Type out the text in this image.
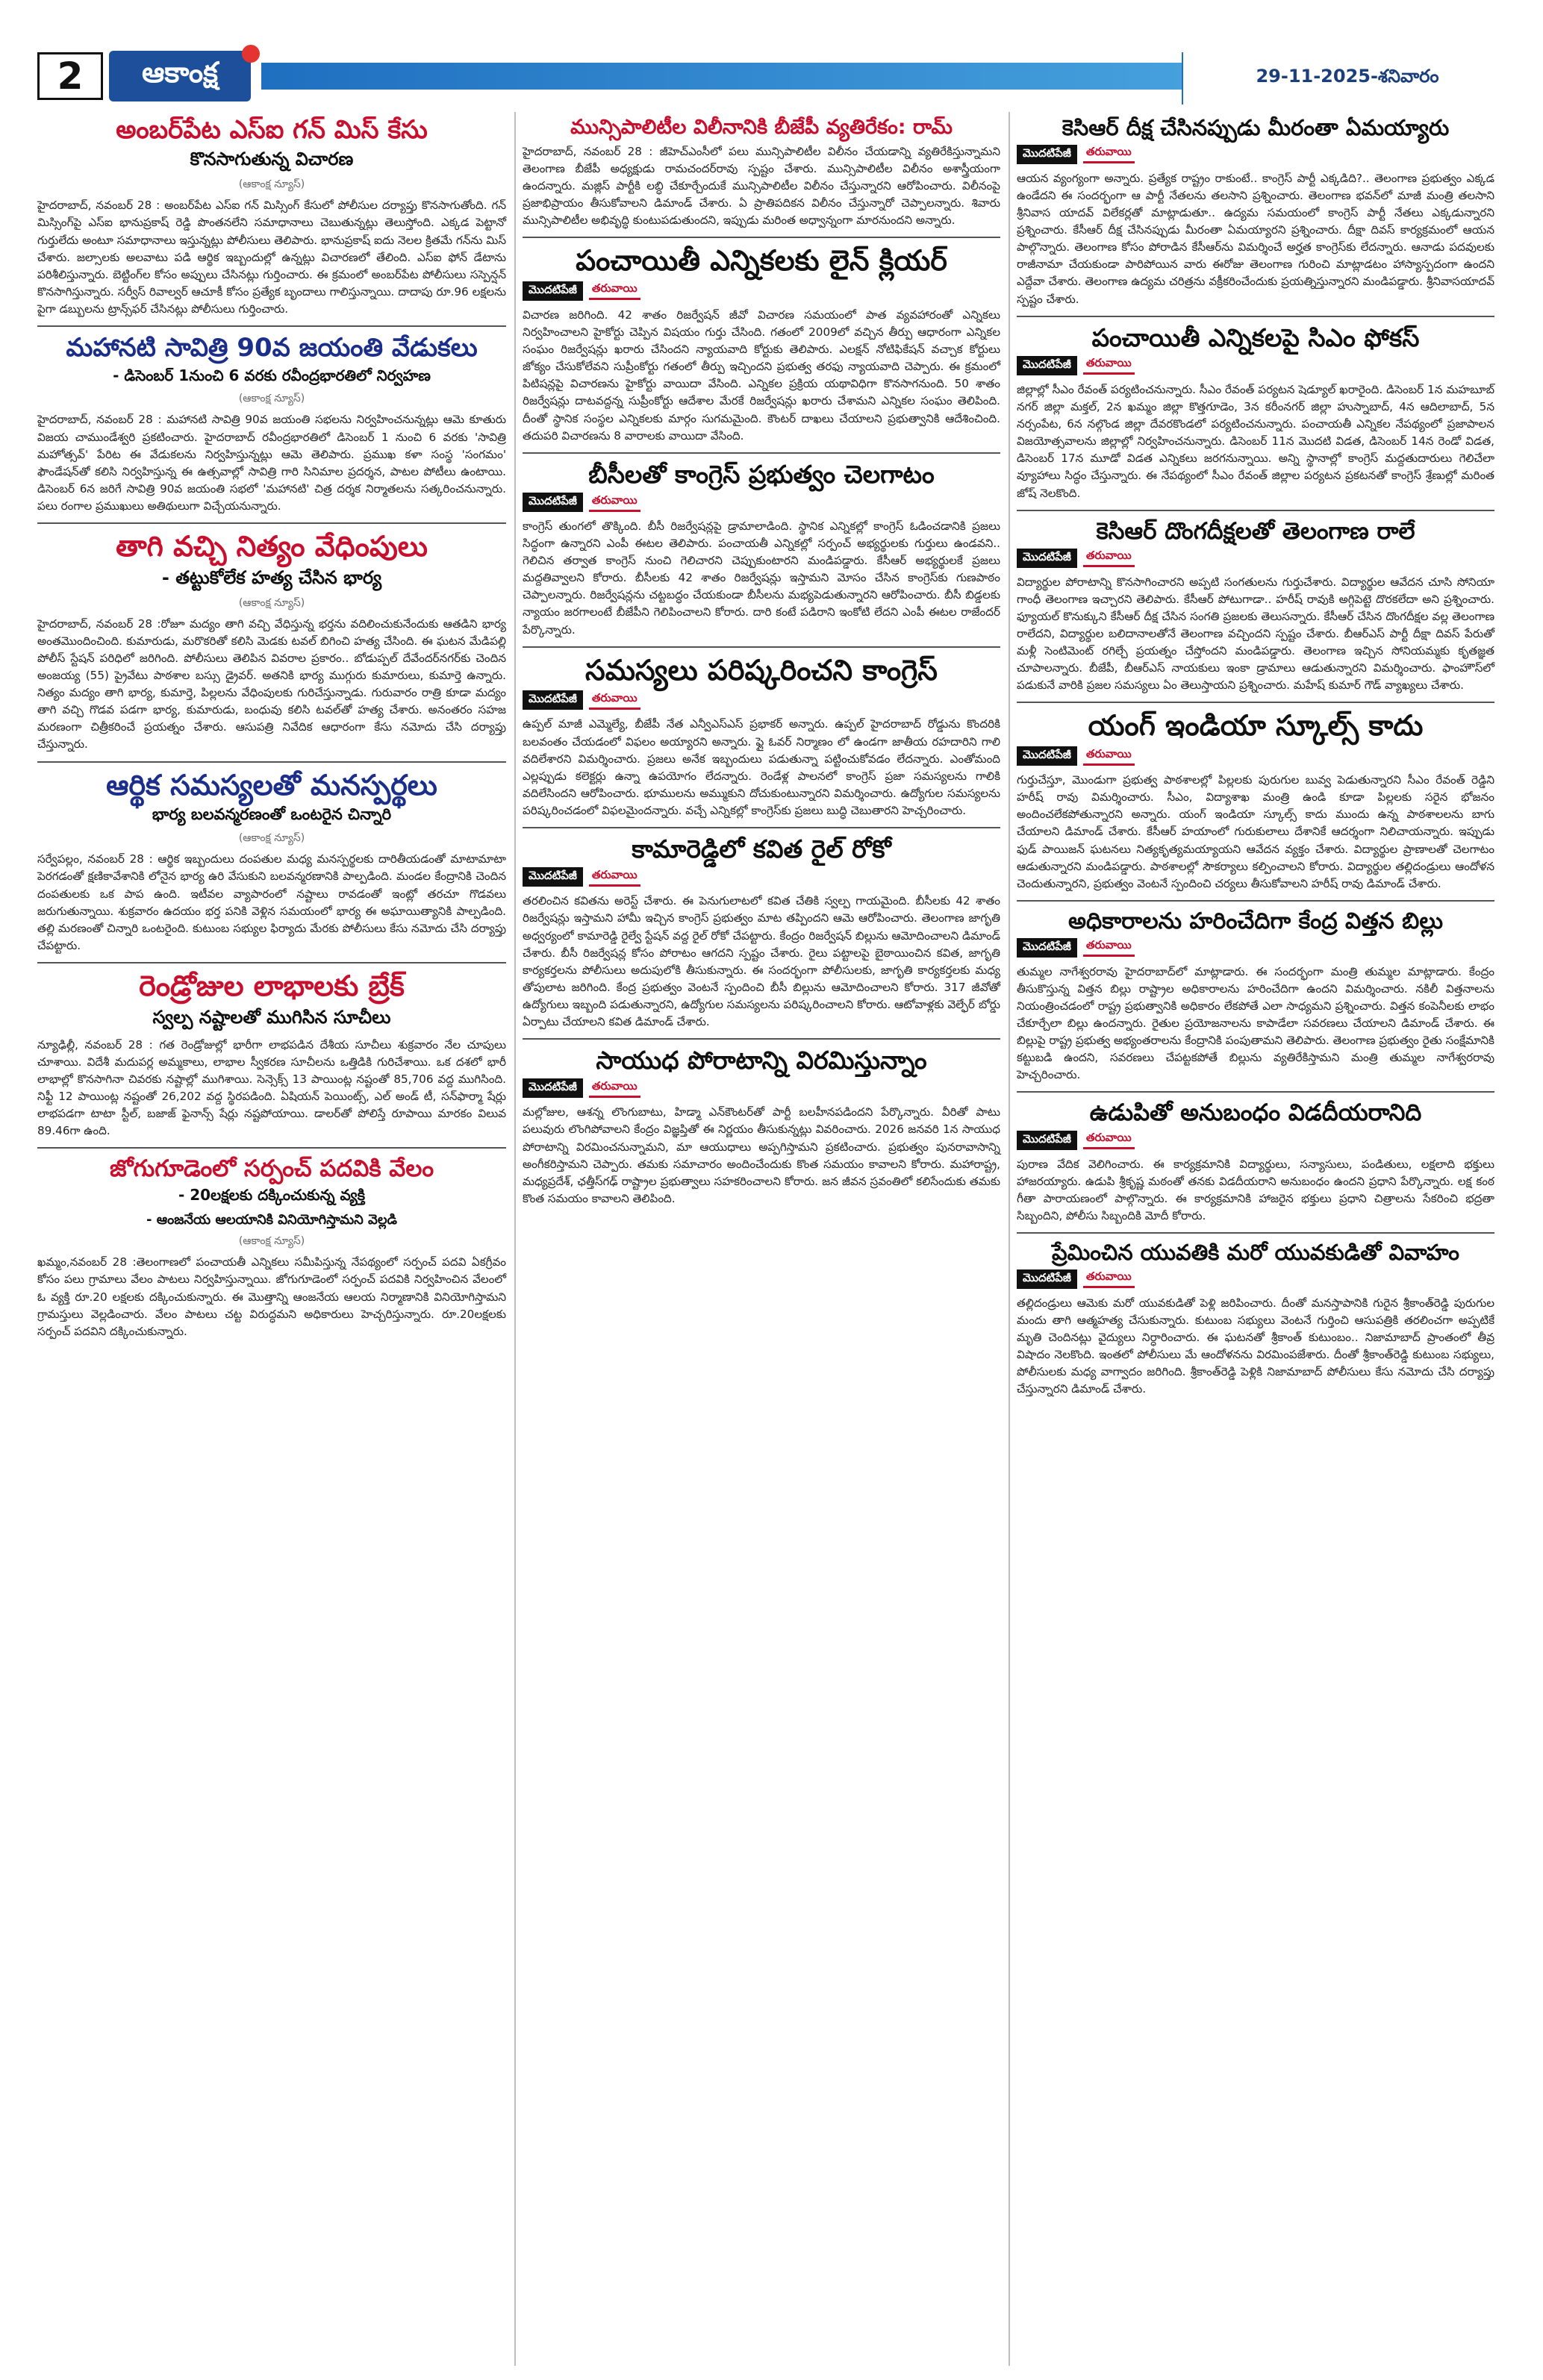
2	ఆకాంక్ష	29-11-2025-శనివారం
అంబర్‌పేట ఎస్ఐ గన్ మిస్ కేసు
కొనసాగుతున్న విచారణ
(ఆకాంక్ష న్యూస్)
హైదరాబాద్, నవంబర్ 28 : అంబర్‌పేట ఎస్ఐ గన్ మిస్సింగ్ కేసులో పోలీసుల దర్యాప్తు కొనసాగుతోంది. గన్ మిస్సింగ్‌పై ఎస్ఐ భానుప్రకాష్ రెడ్డి పొంతనలేని సమాధానాలు చెబుతున్నట్లు తెలుస్తోంది. ఎక్కడ పెట్టానో గుర్తులేదు అంటూ సమాధానాలు ఇస్తున్నట్లు పోలీసులు తెలిపారు. భానుప్రకాష్ ఐదు నెలల క్రితమే గన్‌ను మిస్ చేశారు. జల్సాలకు అలవాటు పడి ఆర్థిక ఇబ్బందుల్లో ఉన్నట్లు విచారణలో తేలింది. ఎస్ఐ ఫోన్ డేటాను పరిశీలిస్తున్నారు. బెట్టింగ్‌ల కోసం అప్పులు చేసినట్లు గుర్తించారు. ఈ క్రమంలో అంబర్‌పేట పోలీసులు సస్పెన్షన్ కొనసాగిస్తున్నారు. సర్వీస్ రివాల్వర్ ఆచూకీ కోసం ప్రత్యేక బృందాలు గాలిస్తున్నాయి. దాదాపు రూ.96 లక్షలను పైగా డబ్బులను ట్రాన్స్‌ఫర్ చేసినట్లు పోలీసులు గుర్తించారు.
మహానటి సావిత్రి 90వ జయంతి వేడుకలు
- డిసెంబర్ 1నుంచి 6 వరకు రవీంద్రభారతిలో నిర్వహణ
(ఆకాంక్ష న్యూస్)
హైదరాబాద్, నవంబర్ 28 : మహానటి సావిత్రి 90వ జయంతి సభలను నిర్వహించనున్నట్లు ఆమె కూతురు విజయ చాముండేశ్వరి ప్రకటించారు. హైదరాబాద్ రవీంద్రభారతిలో డిసెంబర్ 1 నుంచి 6 వరకు 'సావిత్రి మహోత్సవ్' పేరిట ఈ వేడుకలను నిర్వహిస్తున్నట్లు ఆమె తెలిపారు. ప్రముఖ కళా సంస్థ 'సంగమం' ఫౌండేషన్‌తో కలిసి నిర్వహిస్తున్న ఈ ఉత్సవాల్లో సావిత్రి గారి సినిమాల ప్రదర్శన, పాటల పోటీలు ఉంటాయి. డిసెంబర్ 6న జరిగే సావిత్రి 90వ జయంతి సభలో 'మహానటి' చిత్ర దర్శక నిర్మాతలను సత్కరించనున్నారు. పలు రంగాల ప్రముఖులు అతిథులుగా విచ్చేయనున్నారు.
తాగి వచ్చి నిత్యం వేధింపులు
- తట్టుకోలేక హత్య చేసిన భార్య
(ఆకాంక్ష న్యూస్)
హైదరాబాద్, నవంబర్ 28 :రోజూ మద్యం తాగి వచ్చి వేధిస్తున్న భర్తను వదిలించుకునేందుకు ఆతడిని భార్య అంతమొందించింది. కుమారుడు, మరొకరితో కలిసి మెడకు టవల్ బిగించి హత్య చేసింది. ఈ ఘటన మేడిపల్లి పోలీస్ స్టేషన్ పరిధిలో జరిగింది. పోలీసులు తెలిపిన వివరాల ప్రకారం.. బోడుప్పల్ దేవేందర్‌నగర్‌కు చెందిన అంజయ్య (55) ప్రైవేటు పాఠశాల బస్సు డ్రైవర్. అతనికి భార్య ముగ్గురు కుమారులు, కుమార్తె ఉన్నారు. నిత్యం మద్యం తాగి భార్య, కుమార్తె, పిల్లలను వేధింపులకు గురిచేస్తున్నాడు. గురువారం రాత్రి కూడా మద్యం తాగి వచ్చి గొడవ పడగా భార్య, కుమారుడు, బంధువు కలిసి టవల్‌తో హత్య చేశారు. అనంతరం సహజ మరణంగా చిత్రీకరించే ప్రయత్నం చేశారు. ఆసుపత్రి నివేదిక ఆధారంగా కేసు నమోదు చేసి దర్యాప్తు చేస్తున్నారు.
ఆర్థిక సమస్యలతో మనస్పర్థలు
భార్య బలవన్మరణంతో ఒంటరైన చిన్నారి
(ఆకాంక్ష న్యూస్)
సర్వేపల్లం, నవంబర్ 28 : ఆర్థిక ఇబ్బందులు దంపతుల మధ్య మనస్పర్థలకు దారితీయడంతో మాటామాటా పెరగడంతో క్షణికావేశానికి లోనైన భార్య ఉరి వేసుకుని బలవన్మరణానికి పాల్పడింది. మండల కేంద్రానికి చెందిన దంపతులకు ఒక పాప ఉంది. ఇటీవల వ్యాపారంలో నష్టాలు రావడంతో ఇంట్లో తరచూ గొడవలు జరుగుతున్నాయి. శుక్రవారం ఉదయం భర్త పనికి వెళ్లిన సమయంలో భార్య ఈ అఘాయిత్యానికి పాల్పడింది. తల్లి మరణంతో చిన్నారి ఒంటరైంది. కుటుంబ సభ్యుల ఫిర్యాదు మేరకు పోలీసులు కేసు నమోదు చేసి దర్యాప్తు చేపట్టారు.
రెండ్రోజుల లాభాలకు బ్రేక్
స్వల్ప నష్టాలతో ముగిసిన సూచీలు
న్యూఢిల్లీ, నవంబర్ 28 : గత రెండ్రోజుల్లో భారీగా లాభపడిన దేశీయ సూచీలు శుక్రవారం నేల చూపులు చూశాయి. విదేశీ మదుపర్ల అమ్మకాలు, లాభాల స్వీకరణ సూచీలను ఒత్తిడికి గురిచేశాయి. ఒక దశలో భారీ లాభాల్లో కొనసాగినా చివరకు నష్టాల్లో ముగిశాయి. సెన్సెక్స్ 13 పాయింట్ల నష్టంతో 85,706 వద్ద ముగిసింది. నిఫ్టీ 12 పాయింట్ల నష్టంతో 26,202 వద్ద స్థిరపడింది. ఏషియన్ పెయింట్స్, ఎల్ అండ్ టీ, సన్‌ఫార్మా షేర్లు లాభపడగా టాటా స్టీల్, బజాజ్ ఫైనాన్స్ షేర్లు నష్టపోయాయి. డాలర్‌తో పోలిస్తే రూపాయి మారకం విలువ 89.46గా ఉంది.
జోగుగూడెంలో సర్పంచ్ పదవికి వేలం
- 20లక్షలకు దక్కించుకున్న వ్యక్తి
- ఆంజనేయ ఆలయానికి వినియోగిస్తామని వెల్లడి
(ఆకాంక్ష న్యూస్)
ఖమ్మం,నవంబర్ 28 :తెలంగాణలో పంచాయతీ ఎన్నికలు సమీపిస్తున్న నేపథ్యంలో సర్పంచ్ పదవి ఏకగ్రీవం కోసం పలు గ్రామాలు వేలం పాటలు నిర్వహిస్తున్నాయి. జోగుగూడెంలో సర్పంచ్ పదవికి నిర్వహించిన వేలంలో ఓ వ్యక్తి రూ.20 లక్షలకు దక్కించుకున్నారు. ఈ మొత్తాన్ని ఆంజనేయ ఆలయ నిర్మాణానికి వినియోగిస్తామని గ్రామస్తులు వెల్లడించారు. వేలం పాటలు చట్ట విరుద్ధమని అధికారులు హెచ్చరిస్తున్నారు. రూ.20లక్షలకు సర్పంచ్ పదవిని దక్కించుకున్నారు.
మున్సిపాలిటీల విలీనానికి బీజేపీ వ్యతిరేకం: రామ్
హైదరాబాద్, నవంబర్ 28 : జీహెచ్ఎంసీలో పలు మున్సిపాలిటీల విలీనం చేయడాన్ని వ్యతిరేకిస్తున్నామని తెలంగాణ బీజేపీ అధ్యక్షుడు రామచందర్‌రావు స్పష్టం చేశారు. మున్సిపాలిటీల విలీనం అశాస్త్రీయంగా ఉందన్నారు. మజ్లిస్ పార్టీకి లబ్ధి చేకూర్చేందుకే మున్సిపాలిటీల విలీనం చేస్తున్నారని ఆరోపించారు. విలీనంపై ప్రజాభిప్రాయం తీసుకోవాలని డిమాండ్ చేశారు. ఏ ప్రాతిపదికన విలీనం చేస్తున్నారో చెప్పాలన్నారు. శివారు మున్సిపాలిటీల అభివృద్ధి కుంటుపడుతుందని, ఇప్పుడు మరింత అధ్వాన్నంగా మారనుందని అన్నారు.
పంచాయితీ ఎన్నికలకు లైన్ క్లియర్
మొదటిపేజీ	తరువాయి
విచారణ జరిగింది. 42 శాతం రిజర్వేషన్ జీవో విచారణ సమయంలో పాత వ్యవహారంతో ఎన్నికలు నిర్వహించాలని హైకోర్టు చెప్పిన విషయం గుర్తు చేసింది. గతంలో 2009లో వచ్చిన తీర్పు ఆధారంగా ఎన్నికల సంఘం రిజర్వేషన్లు ఖరారు చేసిందని న్యాయవాది కోర్టుకు తెలిపారు. ఎలక్షన్ నోటిఫికేషన్ వచ్చాక కోర్టులు జోక్యం చేసుకోలేవని సుప్రీంకోర్టు గతంలో తీర్పు ఇచ్చిందని ప్రభుత్వ తరఫు న్యాయవాది చెప్పారు. ఈ క్రమంలో పిటిషన్లపై విచారణను హైకోర్టు వాయిదా వేసింది. ఎన్నికల ప్రక్రియ యథావిధిగా కొనసాగనుంది. 50 శాతం రిజర్వేషన్లు దాటవద్దన్న సుప్రీంకోర్టు ఆదేశాల మేరకే రిజర్వేషన్లు ఖరారు చేశామని ఎన్నికల సంఘం తెలిపింది. దీంతో స్థానిక సంస్థల ఎన్నికలకు మార్గం సుగమమైంది. కౌంటర్ దాఖలు చేయాలని ప్రభుత్వానికి ఆదేశించింది. తదుపరి విచారణను 8 వారాలకు వాయిదా వేసింది.
బీసీలతో కాంగ్రెస్ ప్రభుత్వం చెలగాటం
మొదటిపేజీ	తరువాయి
కాంగ్రెస్ తుంగలో తొక్కింది. బీసీ రిజర్వేషన్లపై డ్రామాలాడింది. స్థానిక ఎన్నికల్లో కాంగ్రెస్ ఓడించడానికి ప్రజలు సిద్ధంగా ఉన్నారని ఎంపీ ఈటల తెలిపారు. పంచాయతీ ఎన్నికల్లో సర్పంచ్ అభ్యర్థులకు గుర్తులు ఉండవని.. గెలిచిన తర్వాత కాంగ్రెస్ నుంచి గెలిచారని చెప్పుకుంటారని మండిపడ్డారు. కేసీఆర్ అభ్యర్థులకే ప్రజలు మద్దతివ్వాలని కోరారు. బీసీలకు 42 శాతం రిజర్వేషన్లు ఇస్తామని మోసం చేసిన కాంగ్రెస్‌కు గుణపాఠం చెప్పాలన్నారు. రిజర్వేషన్లను చట్టబద్ధం చేయకుండా బీసీలను మభ్యపెడుతున్నారని ఆరోపించారు. బీసీ బిడ్డలకు న్యాయం జరగాలంటే బీజేపీని గెలిపించాలని కోరారు. దారి కంటే పడిరాని ఇంకోటి లేదని ఎంపీ ఈటల రాజేందర్ పేర్కొన్నారు.
సమస్యలు పరిష్కరించని కాంగ్రెస్
మొదటిపేజీ	తరువాయి
ఉప్పల్ మాజీ ఎమ్మెల్యే, బీజేపీ నేత ఎన్వీఎస్ఎస్ ప్రభాకర్ అన్నారు. ఉప్పల్ హైదరాబాద్ రోడ్డును కొందరికి బలవంతం చేయడంలో విఫలం అయ్యారని అన్నారు. ఫ్లై ఓవర్ నిర్మాణం లో ఉండగా జాతీయ రహదారిని గాలి వదిలేశారని విమర్శించారు. ప్రజలు అనేక ఇబ్బందులు పడుతున్నా పట్టించుకోవడం లేదన్నారు. ఎంతోమంది ఎల్లప్పుడు కలెక్టర్లు ఉన్నా ఉపయోగం లేదన్నారు. రెండేళ్ల పాలనలో కాంగ్రెస్ ప్రజా సమస్యలను గాలికి వదిలేసిందని ఆరోపించారు. భూములను అమ్ముకుని దోచుకుంటున్నారని విమర్శించారు. ఉద్యోగుల సమస్యలను పరిష్కరించడంలో విఫలమైందన్నారు. వచ్చే ఎన్నికల్లో కాంగ్రెస్‌కు ప్రజలు బుద్ధి చెబుతారని హెచ్చరించారు.
కామారెడ్డిలో కవిత రైల్ రోకో
మొదటిపేజీ	తరువాయి
తరలించిన కవితను అరెస్ట్ చేశారు. ఈ పెనుగులాటలో కవిత చేతికి స్వల్ప గాయమైంది. బీసీలకు 42 శాతం రిజర్వేషన్లు ఇస్తామని హామీ ఇచ్చిన కాంగ్రెస్ ప్రభుత్వం మాట తప్పిందని ఆమె ఆరోపించారు. తెలంగాణ జాగృతి అధ్వర్యంలో కామారెడ్డి రైల్వే స్టేషన్ వద్ద రైల్ రోకో చేపట్టారు. కేంద్రం రిజర్వేషన్ బిల్లును ఆమోదించాలని డిమాండ్ చేశారు. బీసీ రిజర్వేషన్ల కోసం పోరాటం ఆగదని స్పష్టం చేశారు. రైలు పట్టాలపై బైఠాయించిన కవిత, జాగృతి కార్యకర్తలను పోలీసులు అదుపులోకి తీసుకున్నారు. ఈ సందర్భంగా పోలీసులకు, జాగృతి కార్యకర్తలకు మధ్య తోపులాట జరిగింది. కేంద్ర ప్రభుత్వం వెంటనే స్పందించి బీసీ బిల్లును ఆమోదించాలని కోరారు. 317 జీవోతో ఉద్యోగులు ఇబ్బంది పడుతున్నారని, ఉద్యోగుల సమస్యలను పరిష్కరించాలని కోరారు. ఆటోవాళ్లకు వెల్ఫేర్ బోర్డు ఏర్పాటు చేయాలని కవిత డిమాండ్ చేశారు.
సాయుధ పోరాటాన్ని విరమిస్తున్నాం
మొదటిపేజీ	తరువాయి
మల్లోజుల, ఆశన్న లొంగుబాటు, హిడ్మా ఎన్‌కౌంటర్‌తో పార్టీ బలహీనపడిందని పేర్కొన్నారు. వీరితో పాటు పలువురు లొంగిపోవాలని కేంద్రం విజ్ఞప్తితో ఈ నిర్ణయం తీసుకున్నట్లు వివరించారు. 2026 జనవరి 1న సాయుధ పోరాటాన్ని విరమించనున్నామని, మా ఆయుధాలు అప్పగిస్తామని ప్రకటించారు. ప్రభుత్వం పునరావాసాన్ని అంగీకరిస్తామని చెప్పారు. తమకు సమాచారం అందించేందుకు కొంత సమయం కావాలని కోరారు. మహారాష్ట్ర, మధ్యప్రదేశ్, ఛత్తీస్‌గఢ్ రాష్ట్రాల ప్రభుత్వాలు సహకరించాలని కోరారు. జన జీవన స్రవంతిలో కలిసేందుకు తమకు కొంత సమయం కావాలని తెలిపింది.
కెసిఆర్ దీక్ష చేసినప్పుడు మీరంతా ఏమయ్యారు
మొదటిపేజీ	తరువాయి
ఆయన వ్యంగ్యంగా అన్నారు. ప్రత్యేక రాష్ట్రం రాకుంటే.. కాంగ్రెస్ పార్టీ ఎక్కడిది?.. తెలంగాణ ప్రభుత్వం ఎక్కడ ఉండేదని ఈ సందర్భంగా ఆ పార్టీ నేతలను తలసాని ప్రశ్నించారు. తెలంగాణ భవన్‌లో మాజీ మంత్రి తలసాని శ్రీనివాస యాదవ్ విలేకర్లతో మాట్లాడుతూ.. ఉద్యమ సమయంలో కాంగ్రెస్ పార్టీ నేతలు ఎక్కడున్నారని ప్రశ్నించారు. కేసీఆర్ దీక్ష చేసినప్పుడు మీరంతా ఏమయ్యారని ప్రశ్నించారు. దీక్షా దివస్ కార్యక్రమంలో ఆయన పాల్గొన్నారు. తెలంగాణ కోసం పోరాడిన కేసీఆర్‌ను విమర్శించే అర్హత కాంగ్రెస్‌కు లేదన్నారు. ఆనాడు పదవులకు రాజీనామా చేయకుండా పారిపోయిన వారు ఈరోజు తెలంగాణ గురించి మాట్లాడటం హాస్యాస్పదంగా ఉందని ఎద్దేవా చేశారు. తెలంగాణ ఉద్యమ చరిత్రను వక్రీకరించేందుకు ప్రయత్నిస్తున్నారని మండిపడ్డారు. శ్రీనివాసయాదవ్ స్పష్టం చేశారు.
పంచాయితీ ఎన్నికలపై సిఎం ఫోకస్
మొదటిపేజీ	తరువాయి
జిల్లాల్లో సీఎం రేవంత్ పర్యటించనున్నారు. సీఎం రేవంత్ పర్యటన షెడ్యూల్ ఖరారైంది. డిసెంబర్ 1న మహబూబ్ నగర్ జిల్లా మక్తల్, 2న ఖమ్మం జిల్లా కొత్తగూడెం, 3న కరీంనగర్ జిల్లా హుస్నాబాద్, 4న ఆదిలాబాద్, 5న నర్సంపేట, 6న నల్గొండ జిల్లా దేవరకొండలో పర్యటించనున్నారు. పంచాయతీ ఎన్నికల నేపథ్యంలో ప్రజాపాలన విజయోత్సవాలను జిల్లాల్లో నిర్వహించనున్నారు. డిసెంబర్ 11న మొదటి విడత, డిసెంబర్ 14న రెండో విడత, డిసెంబర్ 17న మూడో విడత ఎన్నికలు జరగనున్నాయి. అన్ని స్థానాల్లో కాంగ్రెస్ మద్దతుదారులు గెలిచేలా వ్యూహాలు సిద్ధం చేస్తున్నారు. ఈ నేపథ్యంలో సీఎం రేవంత్ జిల్లాల పర్యటన ప్రకటనతో కాంగ్రెస్ శ్రేణుల్లో మరింత జోష్ నెలకొంది.
కెసిఆర్ దొంగదీక్షలతో తెలంగాణ రాలే
మొదటిపేజీ	తరువాయి
విద్యార్థుల పోరాటాన్ని కొనసాగించారని అప్పటి సంగతులను గుర్తుచేశారు. విద్యార్థుల ఆవేదన చూసి సోనియా గాంధీ తెలంగాణ ఇచ్చారని తెలిపారు. కేసీఆర్ పోటుగాడా.. హరీష్ రావుకి అగ్గిపెట్టె దొరకలేదా అని ప్రశ్నించారు. ఫ్యూయల్ కొనుక్కుని కేసీఆర్ దీక్ష చేసిన సంగతి ప్రజలకు తెలుసన్నారు. కేసీఆర్ చేసిన దొంగదీక్షల వల్ల తెలంగాణ రాలేదని, విద్యార్థుల బలిదానాలతోనే తెలంగాణ వచ్చిందని స్పష్టం చేశారు. బీఆర్ఎస్ పార్టీ దీక్షా దివస్ పేరుతో మళ్లీ సెంటిమెంట్ రగిల్చే ప్రయత్నం చేస్తోందని మండిపడ్డారు. తెలంగాణ ఇచ్చిన సోనియమ్మకు కృతజ్ఞత చూపాలన్నారు. బీజేపీ, బీఆర్ఎస్ నాయకులు ఇంకా డ్రామాలు ఆడుతున్నారని విమర్శించారు. ఫాంహౌస్‌లో పడుకునే వారికి ప్రజల సమస్యలు ఏం తెలుస్తాయని ప్రశ్నించారు. మహేష్ కుమార్ గౌడ్ వ్యాఖ్యలు చేశారు.
యంగ్ ఇండియా స్కూల్స్ కాదు
మొదటిపేజీ	తరువాయి
గుర్తుచేస్తూ, మొండుగా ప్రభుత్వ పాఠశాలల్లో పిల్లలకు పురుగుల బువ్వ పెడుతున్నారని సీఎం రేవంత్ రెడ్డిని హరీష్ రావు విమర్శించారు. సీఎం, విద్యాశాఖ మంత్రి ఉండి కూడా పిల్లలకు సరైన భోజనం అందించలేకపోతున్నారని అన్నారు. యంగ్ ఇండియా స్కూల్స్ కాదు ముందు ఉన్న పాఠశాలలను బాగు చేయాలని డిమాండ్ చేశారు. కేసీఆర్ హయాంలో గురుకులాలు దేశానికే ఆదర్శంగా నిలిచాయన్నారు. ఇప్పుడు ఫుడ్ పాయిజన్ ఘటనలు నిత్యకృత్యమయ్యాయని ఆవేదన వ్యక్తం చేశారు. విద్యార్థుల ప్రాణాలతో చెలగాటం ఆడుతున్నారని మండిపడ్డారు. పాఠశాలల్లో సౌకర్యాలు కల్పించాలని కోరారు. విద్యార్థుల తల్లిదండ్రులు ఆందోళన చెందుతున్నారని, ప్రభుత్వం వెంటనే స్పందించి చర్యలు తీసుకోవాలని హరీష్ రావు డిమాండ్ చేశారు.
అధికారాలను హరించేదిగా కేంద్ర విత్తన బిల్లు
మొదటిపేజీ	తరువాయి
తుమ్మల నాగేశ్వరరావు హైదరాబాద్‌లో మాట్లాడారు. ఈ సందర్భంగా మంత్రి తుమ్మల మాట్లాడారు. కేంద్రం తీసుకొస్తున్న విత్తన బిల్లు రాష్ట్రాల అధికారాలను హరించేదిగా ఉందని విమర్శించారు. నకిలీ విత్తనాలను నియంత్రించడంలో రాష్ట్ర ప్రభుత్వానికి అధికారం లేకపోతే ఎలా సాధ్యమని ప్రశ్నించారు. విత్తన కంపెనీలకు లాభం చేకూర్చేలా బిల్లు ఉందన్నారు. రైతుల ప్రయోజనాలను కాపాడేలా సవరణలు చేయాలని డిమాండ్ చేశారు. ఈ బిల్లుపై రాష్ట్ర ప్రభుత్వ అభ్యంతరాలను కేంద్రానికి పంపుతామని తెలిపారు. తెలంగాణ ప్రభుత్వం రైతు సంక్షేమానికి కట్టుబడి ఉందని, సవరణలు చేపట్టకపోతే బిల్లును వ్యతిరేకిస్తామని మంత్రి తుమ్మల నాగేశ్వరరావు హెచ్చరించారు.
ఉడుపితో అనుబంధం విడదీయరానిది
మొదటిపేజీ	తరువాయి
పురాణ వేదిక వెలిగించారు. ఈ కార్యక్రమానికి విద్యార్థులు, సన్యాసులు, పండితులు, లక్షలాది భక్తులు హాజరయ్యారు. ఉడుపి శ్రీకృష్ణ మఠంతో తనకు విడదీయరాని అనుబంధం ఉందని ప్రధాని పేర్కొన్నారు. లక్ష కంఠ గీతా పారాయణంలో పాల్గొన్నారు. ఈ కార్యక్రమానికి హాజరైన భక్తులు ప్రధాని చిత్రాలను సేకరించి భద్రతా సిబ్బందిని, పోలీసు సిబ్బందికి మోదీ కోరారు.
ప్రేమించిన యువతికి మరో యువకుడితో వివాహం
మొదటిపేజీ	తరువాయి
తల్లిదండ్రులు ఆమెకు మరో యువకుడితో పెళ్లి జరిపించారు. దీంతో మనస్తాపానికి గురైన శ్రీకాంత్‌రెడ్డి పురుగుల మందు తాగి ఆత్మహత్య చేసుకున్నారు. కుటుంబ సభ్యులు వెంటనే గుర్తించి ఆసుపత్రికి తరలించగా అప్పటికే మృతి చెందినట్లు వైద్యులు నిర్ధారించారు. ఈ ఘటనతో శ్రీకాంత్ కుటుంబం.. నిజామాబాద్ ప్రాంతంలో తీవ్ర విషాదం నెలకొంది. ఇంతలో పోలీసులు మే ఆందోళనను విరమింపజేశారు. దీంతో శ్రీకాంత్‌రెడ్డి కుటుంబ సభ్యులు, పోలీసులకు మధ్య వాగ్వాదం జరిగింది. శ్రీకాంత్‌రెడ్డి పెళ్లికి నిజామాబాద్ పోలీసులు కేసు నమోదు చేసి దర్యాప్తు చేస్తున్నారని డిమాండ్ చేశారు.
